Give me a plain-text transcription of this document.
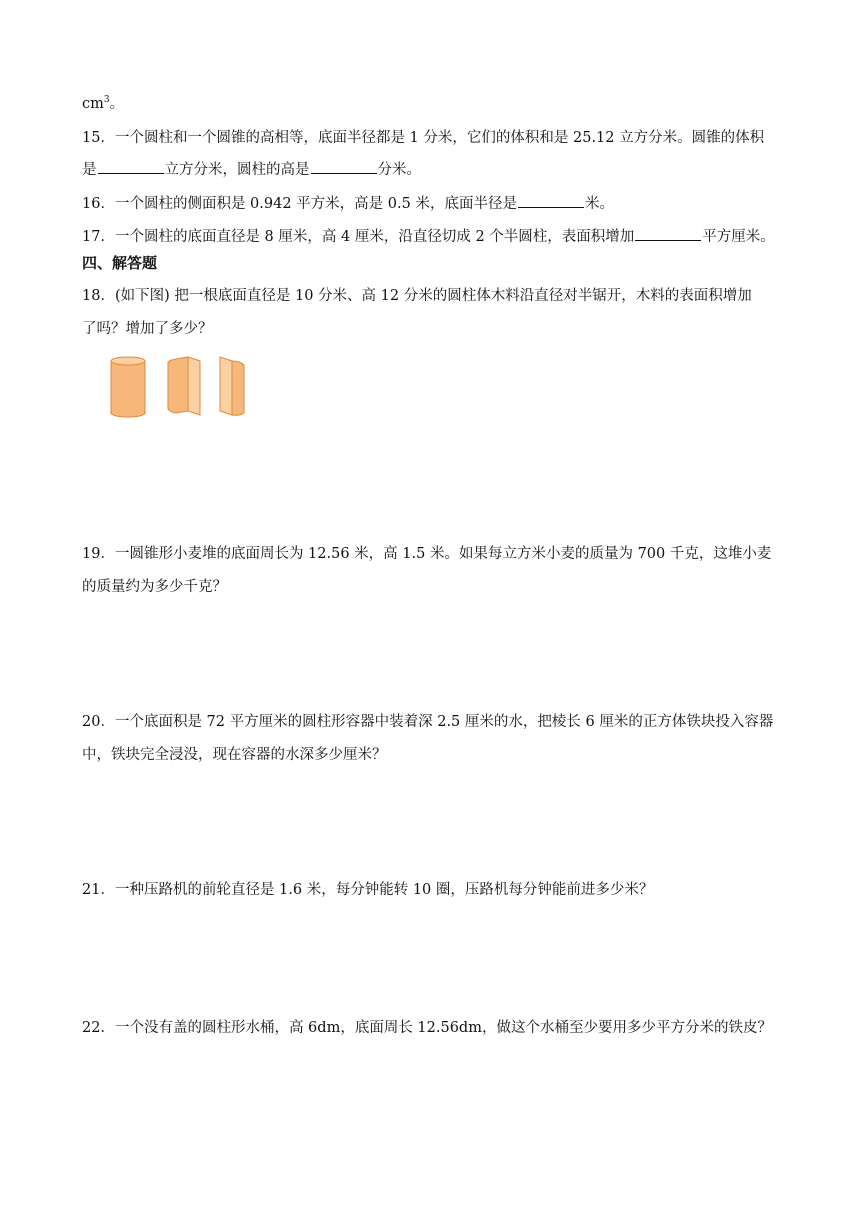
$cm^3$。
15．一个圆柱和一个圆锥的高相等，底面半径都是 1 分米，它们的体积和是 25.12 立方分米。圆锥的体积
是	立方分米，圆柱的高是	分米。
16．一个圆柱的侧面积是 0.942 平方米，高是 0.5 米，底面半径是	米。
17．一个圆柱的底面直径是 8 厘米，高 4 厘米，沿直径切成 2 个半圆柱，表面积增加	平方厘米。
四、解答题
18．(如下图) 把一根底面直径是 10 分米、高 12 分米的圆柱体木料沿直径对半锯开，木料的表面积增加
了吗？增加了多少？
19．一圆锥形小麦堆的底面周长为 12.56 米，高 1.5 米。如果每立方米小麦的质量为 700 千克，这堆小麦
的质量约为多少千克？
20．一个底面积是 72 平方厘米的圆柱形容器中装着深 2.5 厘米的水，把棱长 6 厘米的正方体铁块投入容器
中，铁块完全浸没，现在容器的水深多少厘米？
21．一种压路机的前轮直径是 1.6 米，每分钟能转 10 圈，压路机每分钟能前进多少米？
22．一个没有盖的圆柱形水桶，高 6dm，底面周长 12.56dm，做这个水桶至少要用多少平方分米的铁皮？
